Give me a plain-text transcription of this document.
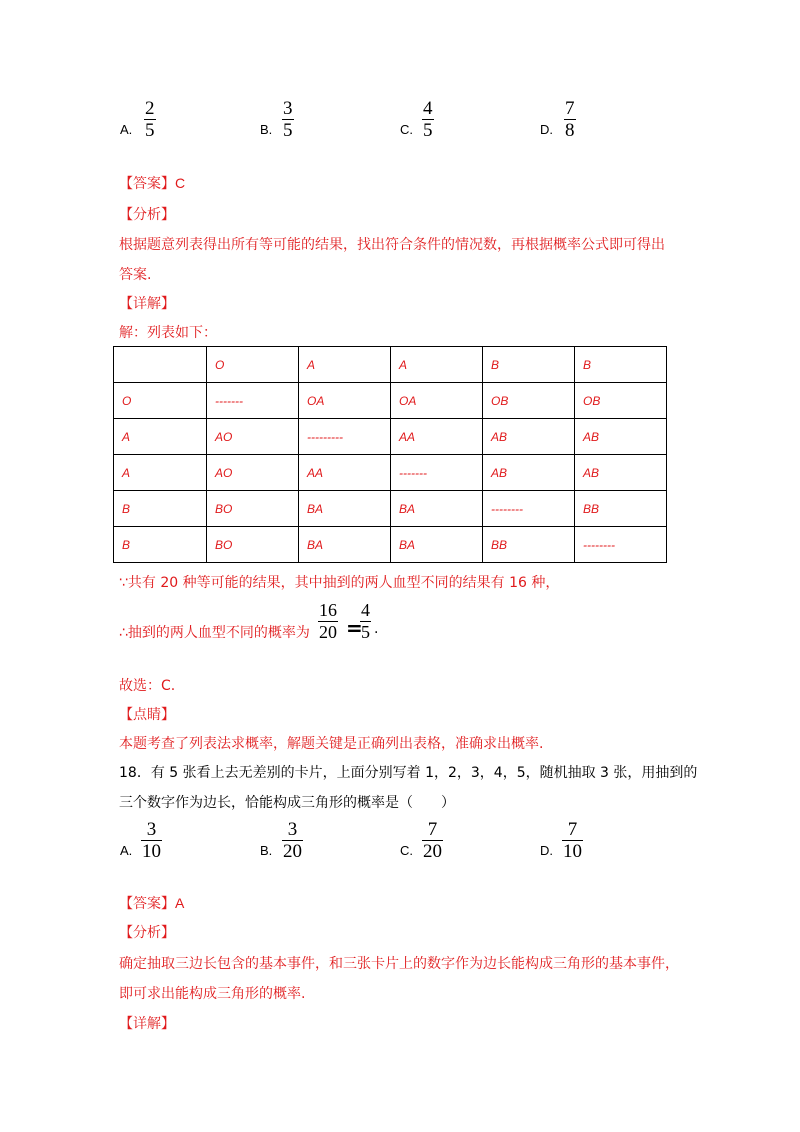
A.
2
5	B.
3
5	C.
4
5	D.
7
8
【答案】C
【分析】
根据题意列表得出所有等可能的结果，找出符合条件的情况数，再根据概率公式即可得出
答案.
【详解】
解：列表如下：
	O	A	A	B	B
O	-------	OA	OA	OB	OB
A	AO	---------	AA	AB	AB
A	AO	AA	-------	AB	AB
B	BO	BA	BA	--------	BB
B	BO	BA	BA	BB	--------
∵共有 20 种等可能的结果，其中抽到的两人血型不同的结果有 16 种，
∴抽到的两人血型不同的概率为
16
20 =
4
5 .
故选：C.
【点睛】
本题考查了列表法求概率，解题关键是正确列出表格，准确求出概率.
18．有 5 张看上去无差别的卡片，上面分别写着 1，2，3，4，5，随机抽取 3 张，用抽到的
三个数字作为边长，恰能构成三角形的概率是（　　）
A.
3
10	B.
3
20	C.
7
20	D.
7
10
【答案】A
【分析】
确定抽取三边长包含的基本事件，和三张卡片上的数字作为边长能构成三角形的基本事件，
即可求出能构成三角形的概率.
【详解】
